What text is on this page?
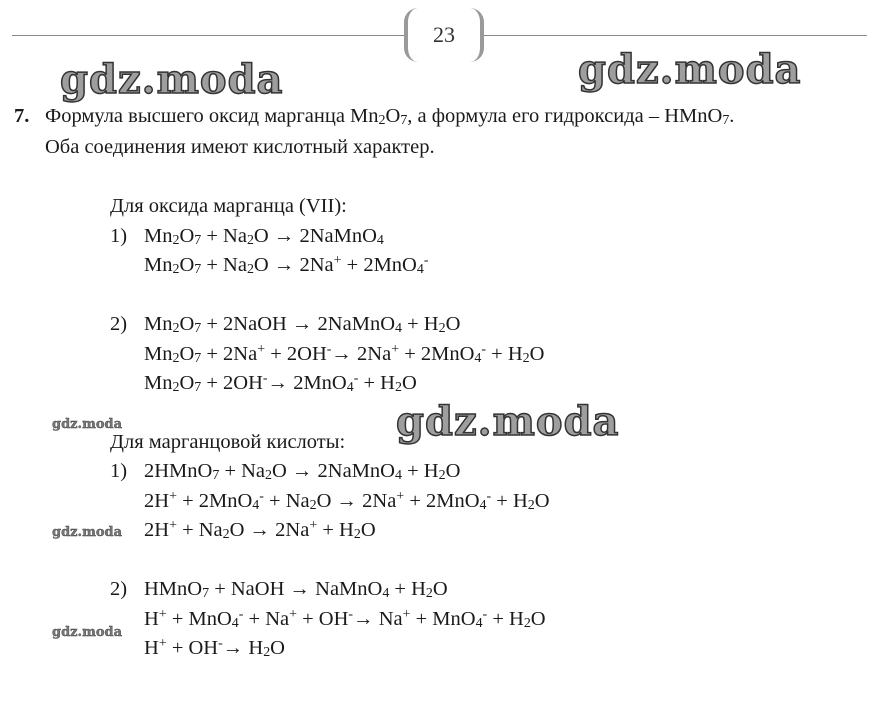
23
gdz.moda	gdz.moda
gdz.moda
gdz.moda
gdz.moda
gdz.moda
7. Формула высшего оксид марганца Mn2O7, а формула его гидроксида – HMnO7.
Оба соединения имеют кислотный характер.
Для оксида марганца (VII):
1) Mn2O7 + Na2O → 2NaMnO4
Mn2O7 + Na2O → 2Na+ + 2MnO4-
2) Mn2O7 + 2NaOH → 2NaMnO4 + H2O
Mn2O7 + 2Na+ + 2OH-→ 2Na+ + 2MnO4- + H2O
Mn2O7 + 2OH-→ 2MnO4- + H2O
Для марганцовой кислоты:
1) 2HMnO7 + Na2O → 2NaMnO4 + H2O
2H+ + 2MnO4- + Na2O → 2Na+ + 2MnO4- + H2O
2H+ + Na2O → 2Na+ + H2O
2) HMnO7 + NaOH → NaMnO4 + H2O
H+ + MnO4- + Na+ + OH-→ Na+ + MnO4- + H2O
H+ + OH-→ H2O
